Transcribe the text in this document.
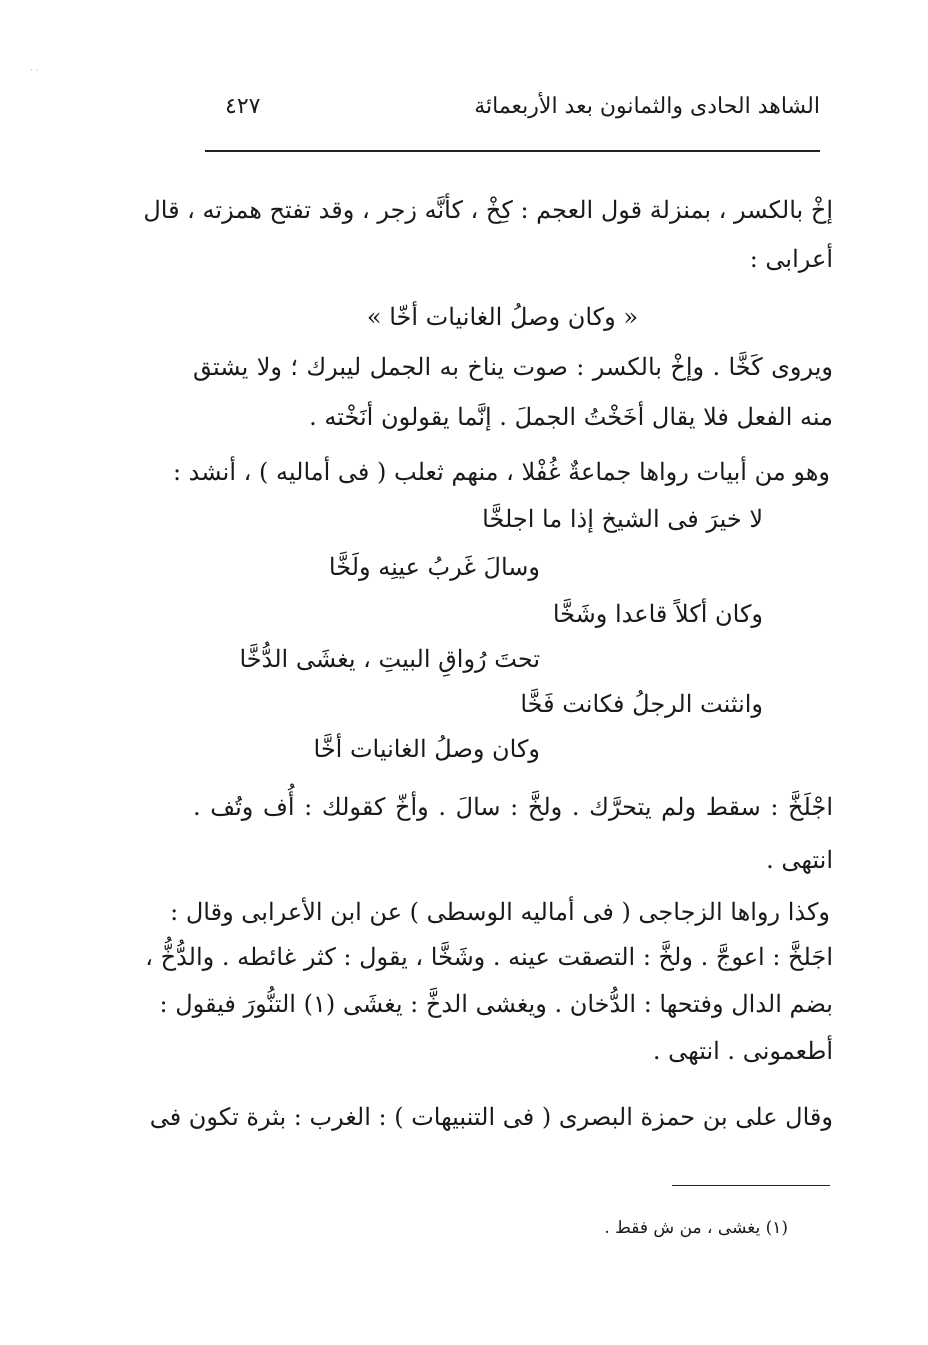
· ·
الشاهد الحادى والثمانون بعد الأربعمائة
٤٢٧
إخْ بالكسر ، بمنزلة قول العجم : كِخْ ، كأنَّه زجر ، وقد تفتح همزته ، قال
أعرابى :
« وكان وصلُ الغانيات أخّا »
ويروى كَخَّا . وإخْ بالكسر : صوت يناخ به الجمل ليبرك ؛ ولا يشتق
منه الفعل فلا يقال أخَخْتُ الجملَ . إنَّما يقولون أنَخْته .
وهو من أبيات رواها جماعةٌ غُفْلا ، منهم ثعلب ( فى أماليه ) ، أنشد :
لا خيرَ فى الشيخ إذا ما اجلخَّا
وسالَ غَربُ عينِه ولَخَّا
وكان أكلاً قاعدا وشَخَّا
تحتَ رُواقِ البيتِ ، يغشَى الدُّخَّا
وانثنت الرجلُ فكانت فَخَّا
وكان وصلُ الغانيات أخَّا
اجْلَخَّ : سقط ولم يتحرَّك . ولخَّ : سالَ . وأخّ كقولك : أُف وتُف .
انتهى .
وكذا رواها الزجاجى ( فى أماليه الوسطى ) عن ابن الأعرابى وقال :
اجَلخَّ : اعوجَّ . ولخَّ : التصقت عينه . وشَخَّا ، يقول : كثر غائطه . والدُّخُّ ،
بضم الدال وفتحها : الدُّخان . ويغشى الدخَّ : يغشَى (١) التنُّورَ فيقول :
أطعمونى . انتهى .
وقال على بن حمزة البصرى ( فى التنبيهات ) : الغرب : بثرة تكون فى
(١) يغشى ، من ش فقط .
